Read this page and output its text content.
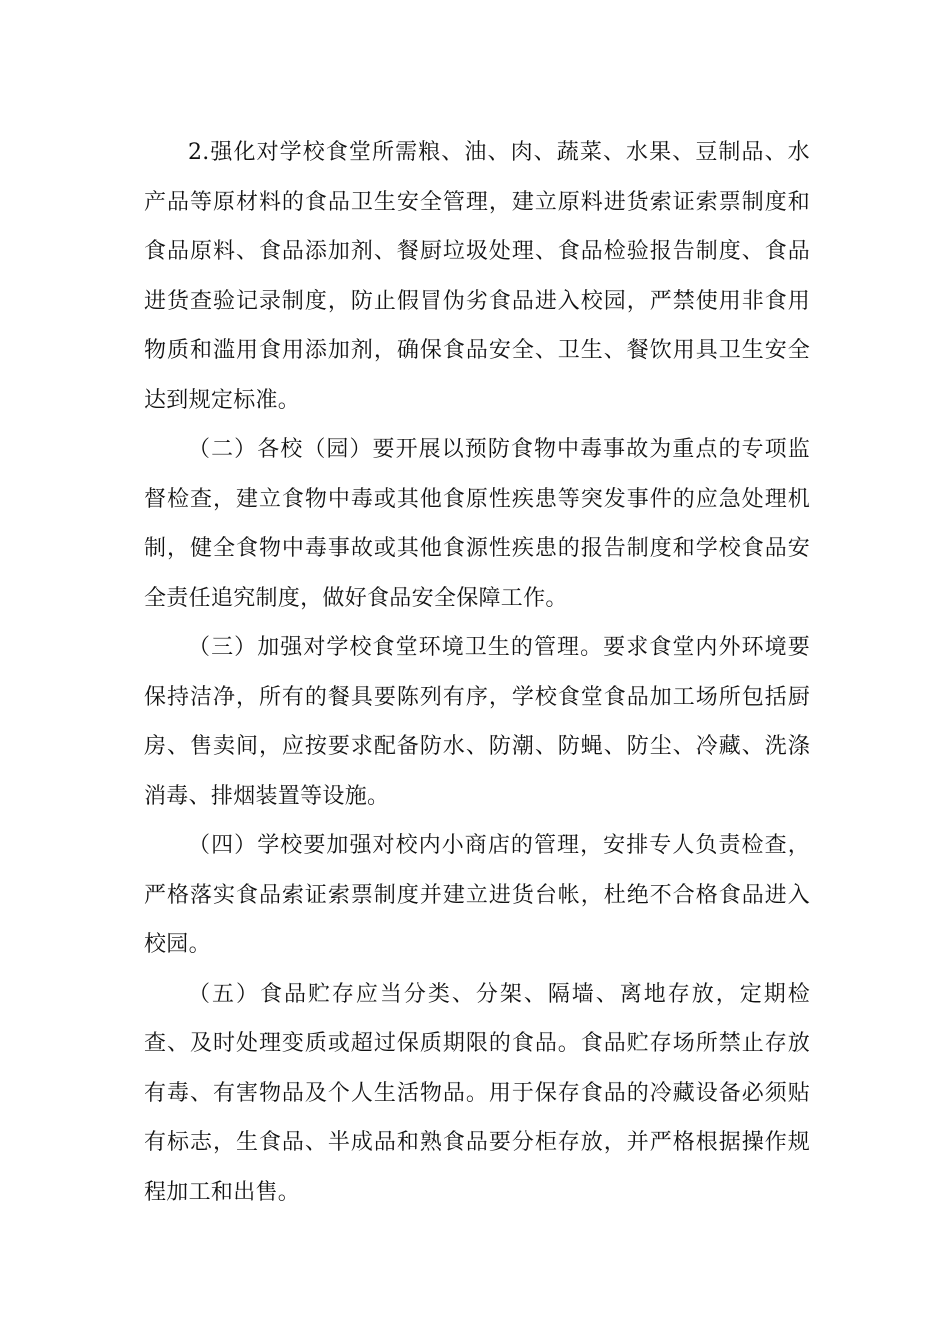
2.强化对学校食堂所需粮、油、肉、蔬菜、水果、豆制品、水产品等原材料的食品卫生安全管理，建立原料进货索证索票制度和食品原料、食品添加剂、餐厨垃圾处理、食品检验报告制度、食品进货查验记录制度，防止假冒伪劣食品进入校园，严禁使用非食用物质和滥用食用添加剂，确保食品安全、卫生、餐饮用具卫生安全达到规定标准。

（二）各校（园）要开展以预防食物中毒事故为重点的专项监督检查，建立食物中毒或其他食原性疾患等突发事件的应急处理机制，健全食物中毒事故或其他食源性疾患的报告制度和学校食品安全责任追究制度，做好食品安全保障工作。

（三）加强对学校食堂环境卫生的管理。要求食堂内外环境要保持洁净，所有的餐具要陈列有序，学校食堂食品加工场所包括厨房、售卖间，应按要求配备防水、防潮、防蝇、防尘、冷藏、洗涤消毒、排烟装置等设施。

（四）学校要加强对校内小商店的管理，安排专人负责检查，严格落实食品索证索票制度并建立进货台帐，杜绝不合格食品进入校园。

（五）食品贮存应当分类、分架、隔墙、离地存放，定期检查、及时处理变质或超过保质期限的食品。食品贮存场所禁止存放有毒、有害物品及个人生活物品。用于保存食品的冷藏设备必须贴有标志，生食品、半成品和熟食品要分柜存放，并严格根据操作规程加工和出售。
